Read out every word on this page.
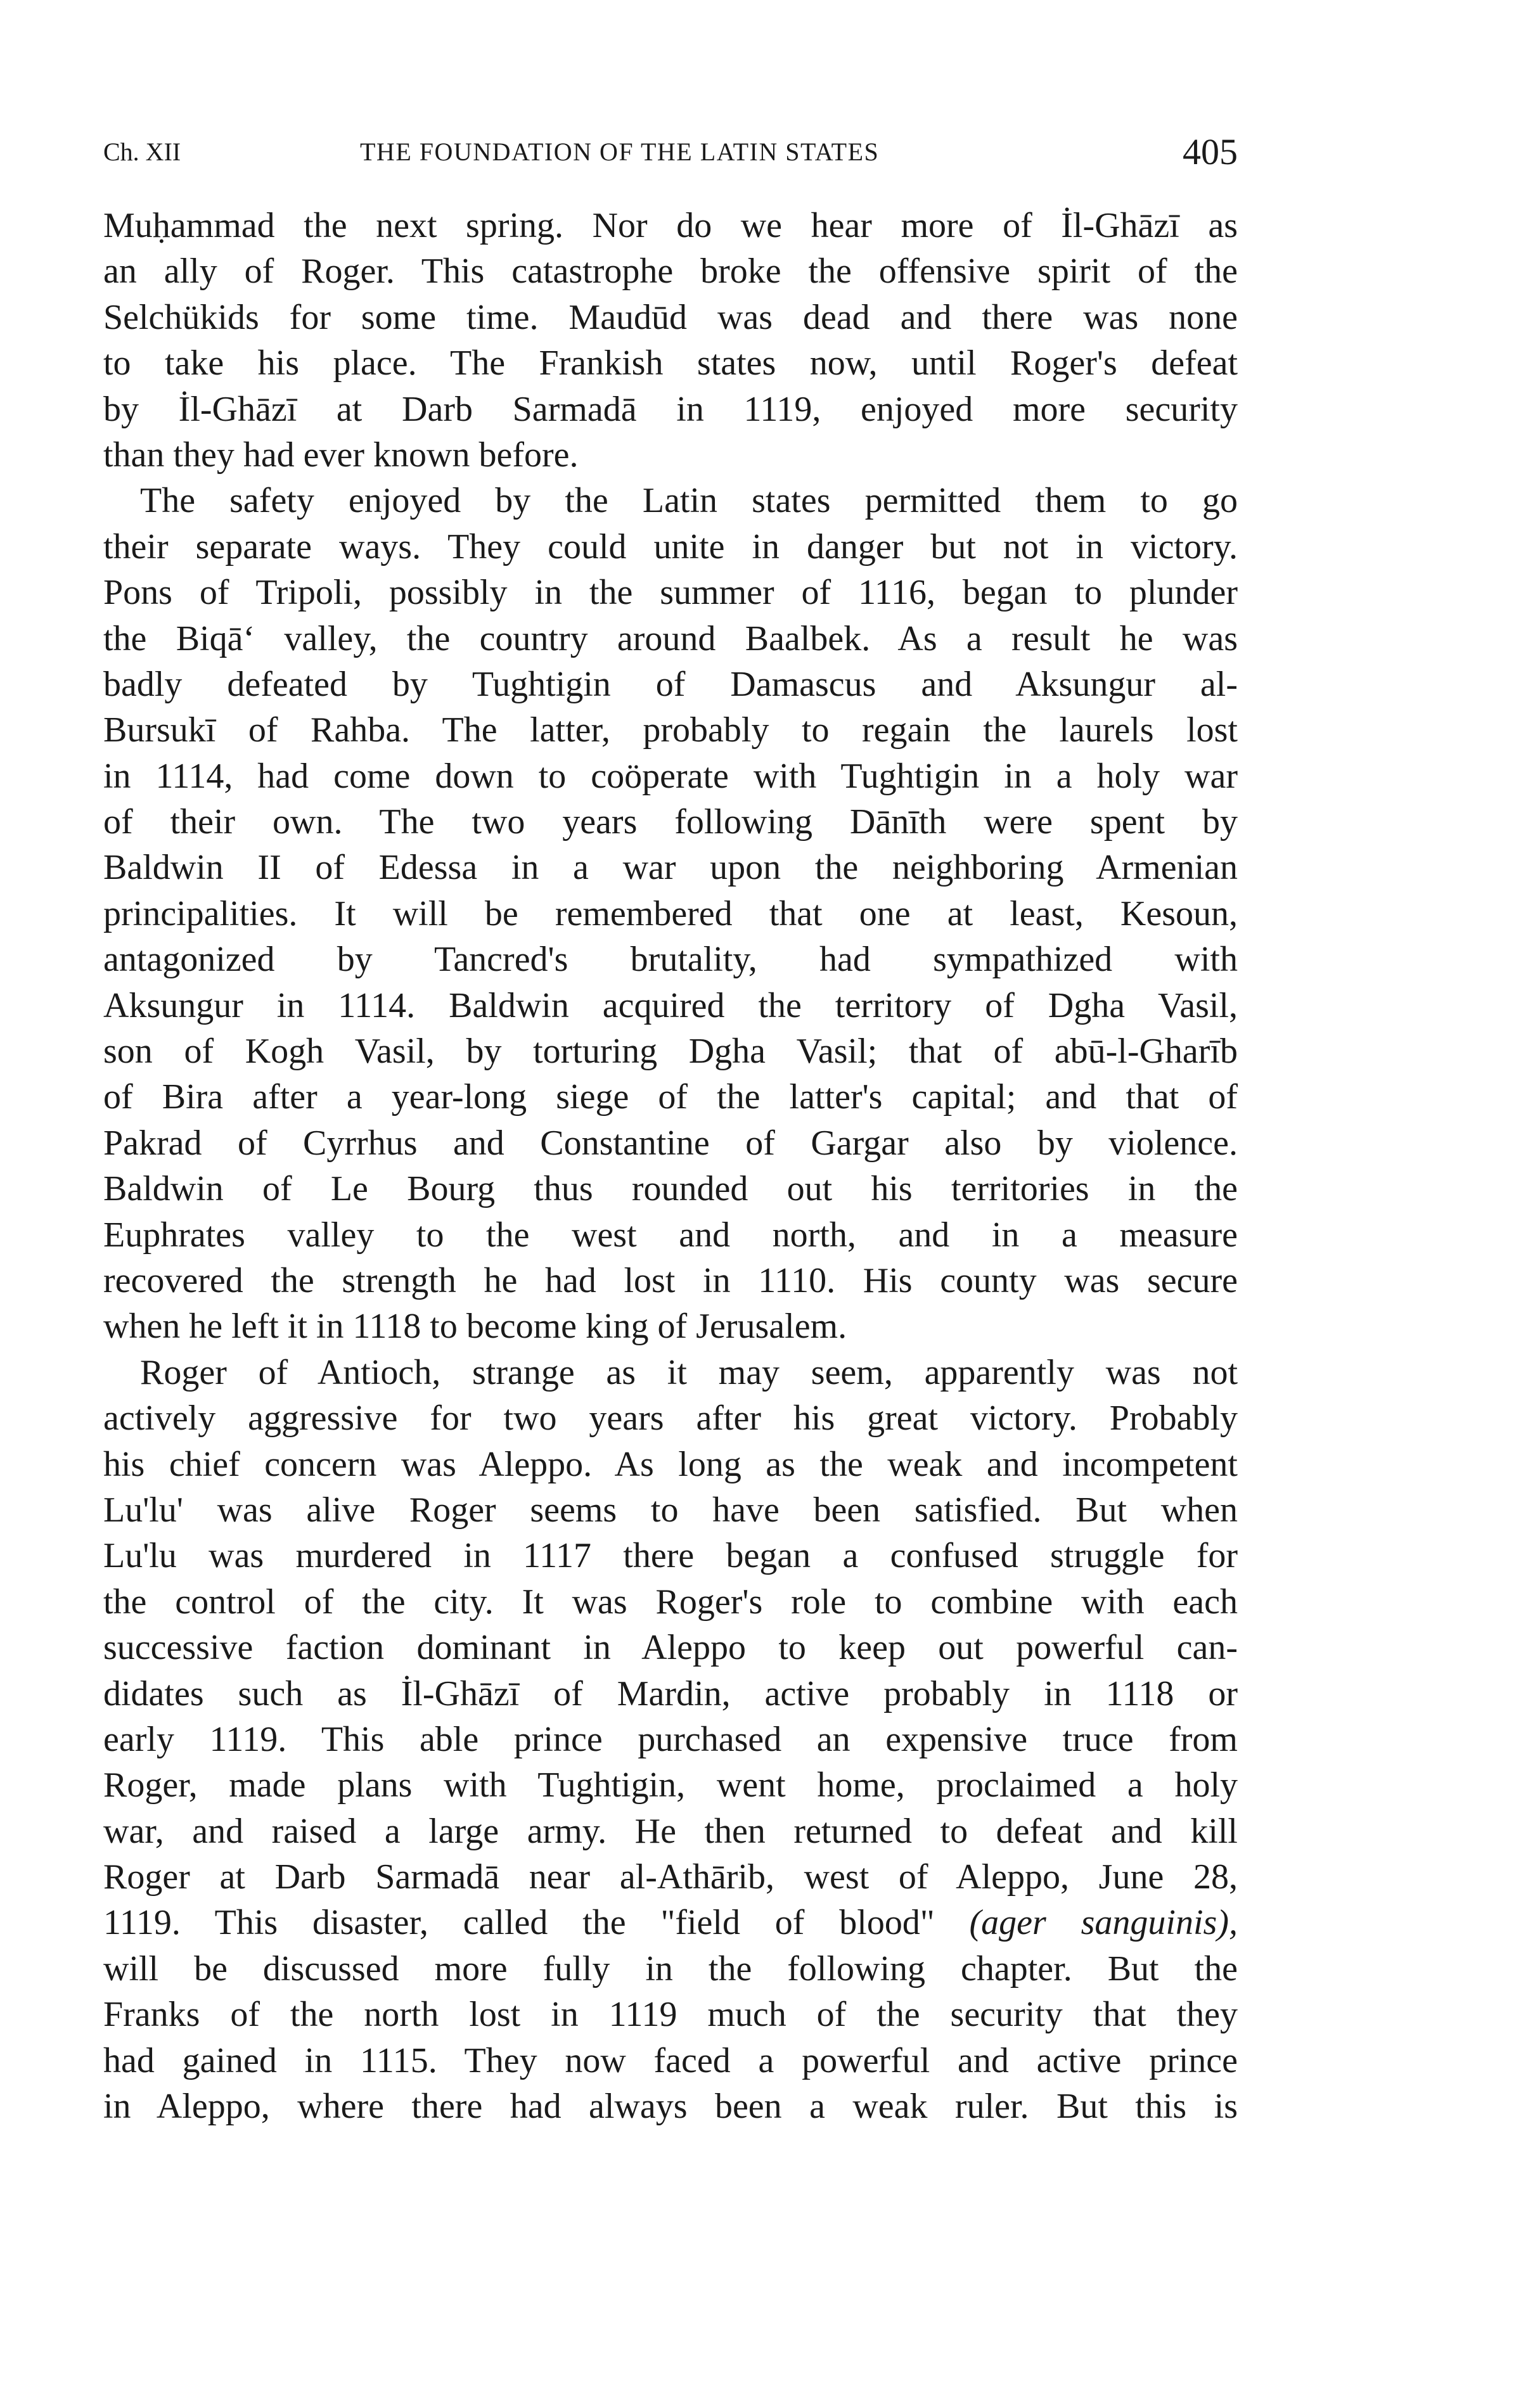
Ch. XII	THE FOUNDATION OF THE LATIN STATES	405
Muḥammad the next spring. Nor do we hear more of İl-Ghāzī as
an ally of Roger. This catastrophe broke the offensive spirit of the
Selchükids for some time. Maudūd was dead and there was none
to take his place. The Frankish states now, until Roger's defeat
by İl-Ghāzī at Darb Sarmadā in 1119, enjoyed more security
than they had ever known before.
The safety enjoyed by the Latin states permitted them to go
their separate ways. They could unite in danger but not in victory.
Pons of Tripoli, possibly in the summer of 1116, began to plunder
the Biqā‘ valley, the country around Baalbek. As a result he was
badly defeated by Tughtigin of Damascus and Aksungur al-
Bursukī of Rahba. The latter, probably to regain the laurels lost
in 1114, had come down to coöperate with Tughtigin in a holy war
of their own. The two years following Dānīth were spent by
Baldwin II of Edessa in a war upon the neighboring Armenian
principalities. It will be remembered that one at least, Kesoun,
antagonized by Tancred's brutality, had sympathized with
Aksungur in 1114. Baldwin acquired the territory of Dgha Vasil,
son of Kogh Vasil, by torturing Dgha Vasil; that of abū-l-Gharīb
of Bira after a year-long siege of the latter's capital; and that of
Pakrad of Cyrrhus and Constantine of Gargar also by violence.
Baldwin of Le Bourg thus rounded out his territories in the
Euphrates valley to the west and north, and in a measure
recovered the strength he had lost in 1110. His county was secure
when he left it in 1118 to become king of Jerusalem.
Roger of Antioch, strange as it may seem, apparently was not
actively aggressive for two years after his great victory. Probably
his chief concern was Aleppo. As long as the weak and incompetent
Lu'lu' was alive Roger seems to have been satisfied. But when
Lu'lu was murdered in 1117 there began a confused struggle for
the control of the city. It was Roger's role to combine with each
successive faction dominant in Aleppo to keep out powerful can-
didates such as İl-Ghāzī of Mardin, active probably in 1118 or
early 1119. This able prince purchased an expensive truce from
Roger, made plans with Tughtigin, went home, proclaimed a holy
war, and raised a large army. He then returned to defeat and kill
Roger at Darb Sarmadā near al-Athārib, west of Aleppo, June 28,
1119. This disaster, called the "field of blood" (ager sanguinis),
will be discussed more fully in the following chapter. But the
Franks of the north lost in 1119 much of the security that they
had gained in 1115. They now faced a powerful and active prince
in Aleppo, where there had always been a weak ruler. But this is
